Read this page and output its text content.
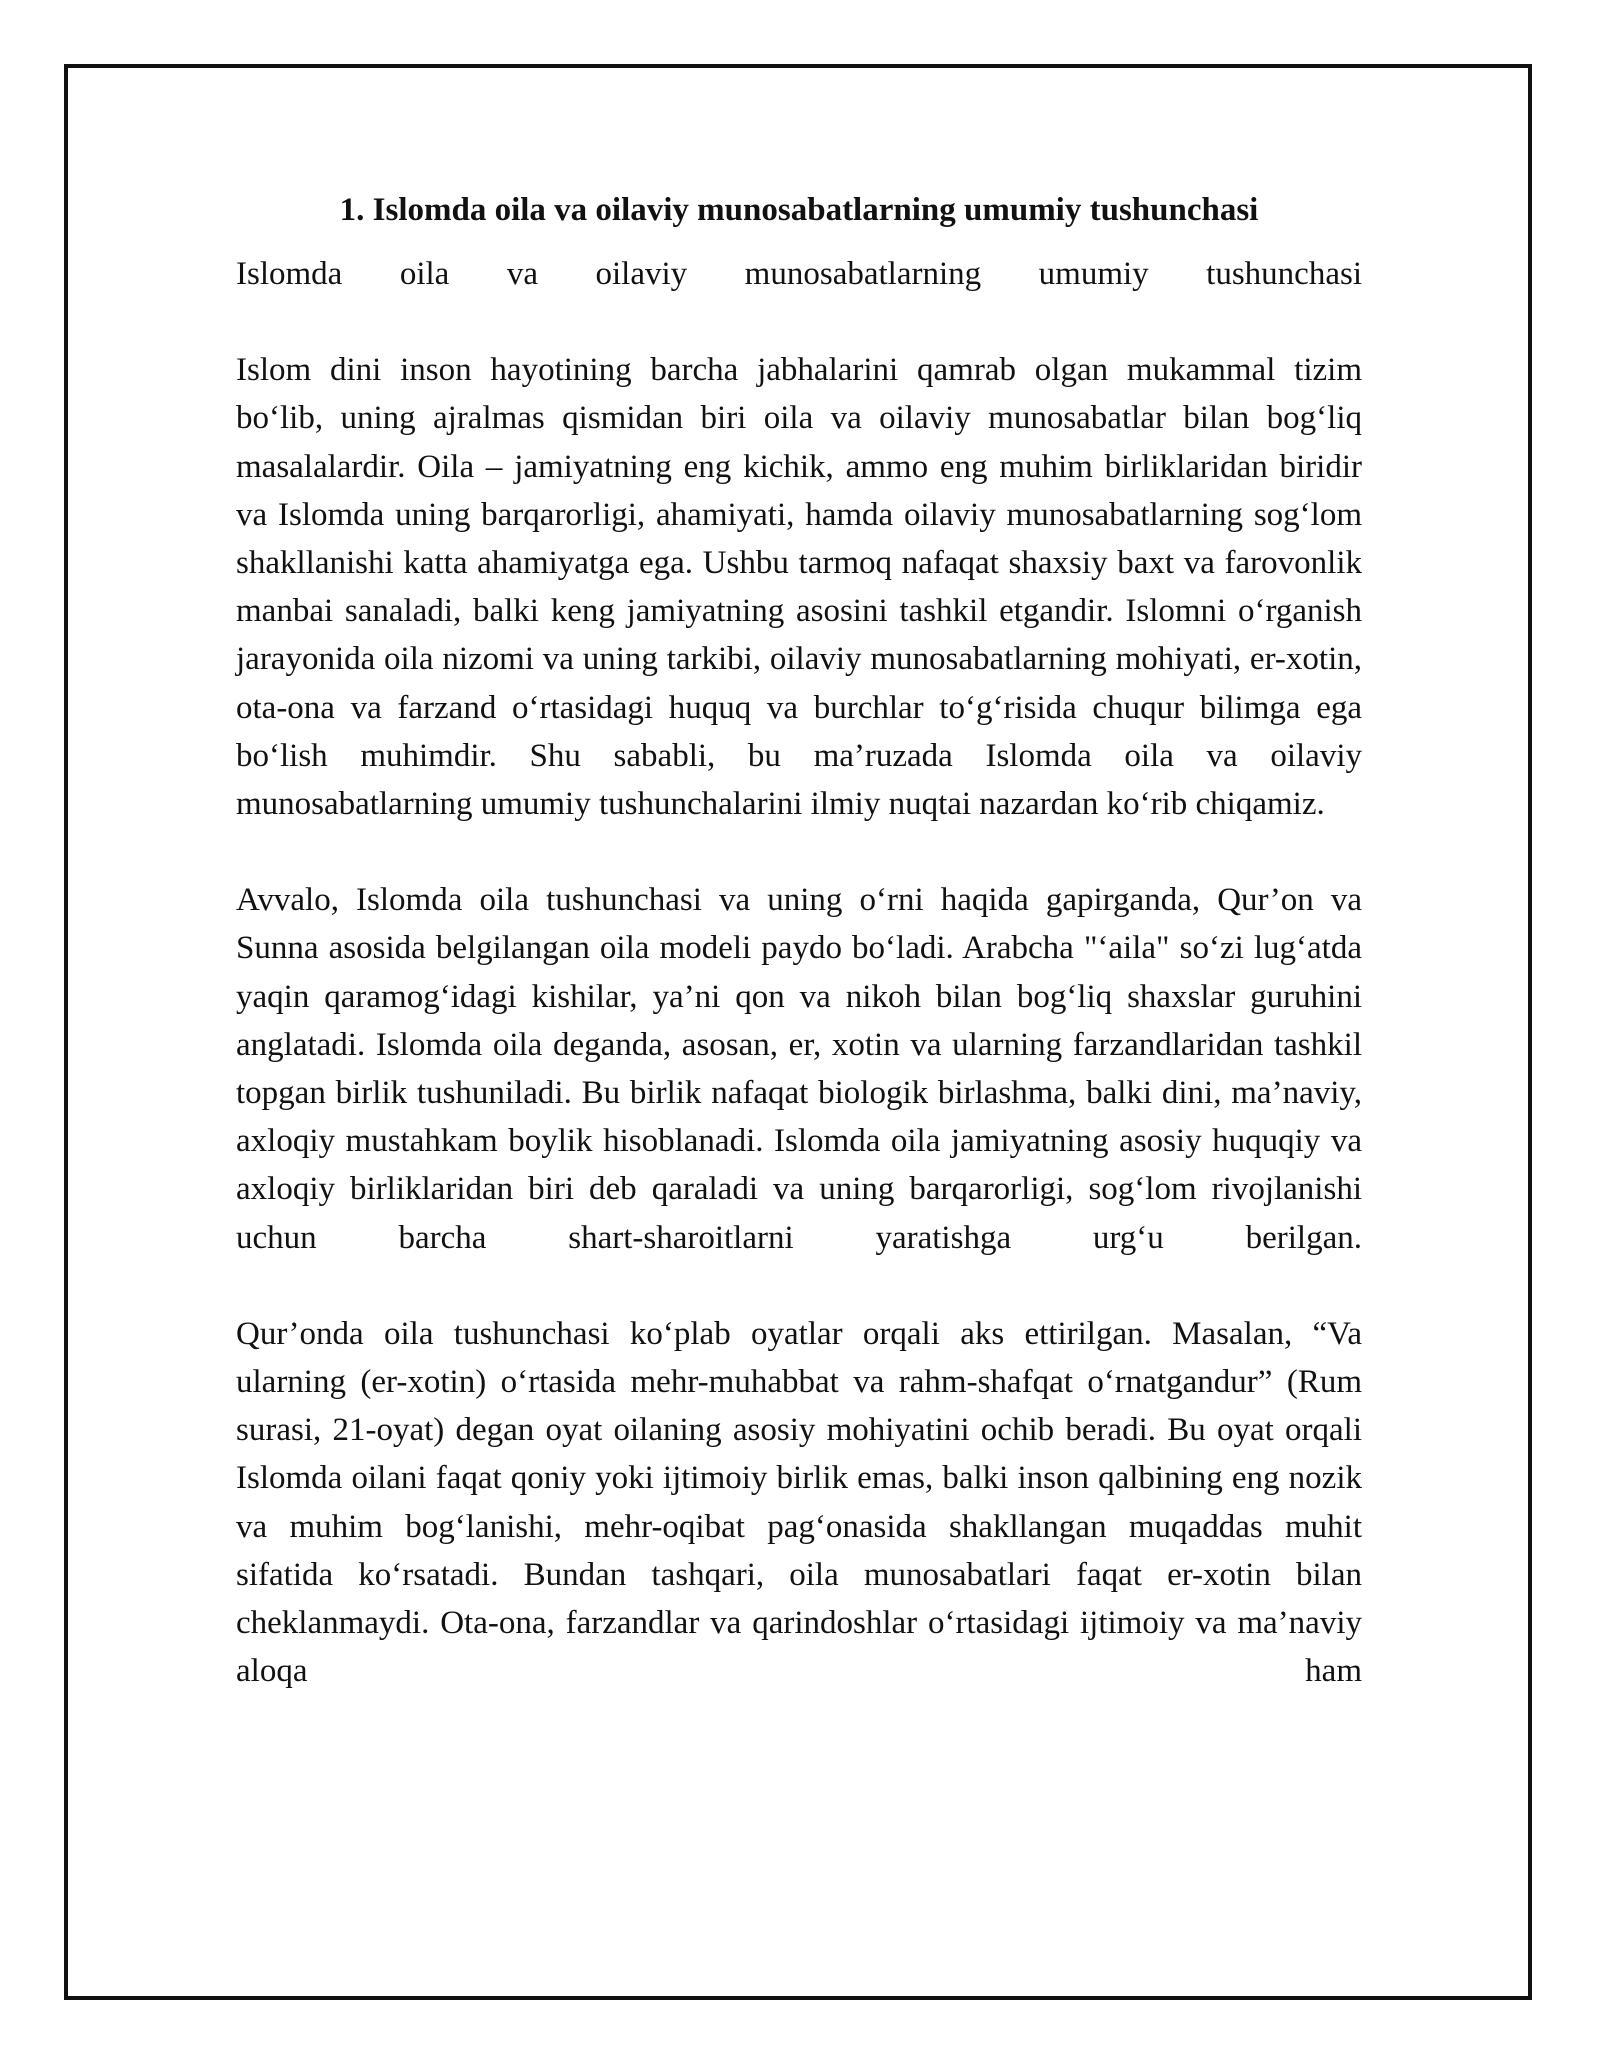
1. Islomda oila va oilaviy munosabatlarning umumiy tushunchasi

Islomda oila va oilaviy munosabatlarning umumiy tushunchasi

Islom dini inson hayotining barcha jabhalarini qamrab olgan mukammal tizim bo‘lib, uning ajralmas qismidan biri oila va oilaviy munosabatlar bilan bog‘liq masalalardir. Oila – jamiyatning eng kichik, ammo eng muhim birliklaridan biridir va Islomda uning barqarorligi, ahamiyati, hamda oilaviy munosabatlarning sog‘lom shakllanishi katta ahamiyatga ega. Ushbu tarmoq nafaqat shaxsiy baxt va farovonlik manbai sanaladi, balki keng jamiyatning asosini tashkil etgandir. Islomni o‘rganish jarayonida oila nizomi va uning tarkibi, oilaviy munosabatlarning mohiyati, er-xotin, ota-ona va farzand o‘rtasidagi huquq va burchlar to‘g‘risida chuqur bilimga ega bo‘lish muhimdir. Shu sababli, bu ma’ruzada Islomda oila va oilaviy munosabatlarning umumiy tushunchalarini ilmiy nuqtai nazardan ko‘rib chiqamiz.

Avvalo, Islomda oila tushunchasi va uning o‘rni haqida gapirganda, Qur’on va Sunna asosida belgilangan oila modeli paydo bo‘ladi. Arabcha "‘aila" so‘zi lug‘atda yaqin qaramog‘idagi kishilar, ya’ni qon va nikoh bilan bog‘liq shaxslar guruhini anglatadi. Islomda oila deganda, asosan, er, xotin va ularning farzandlaridan tashkil topgan birlik tushuniladi. Bu birlik nafaqat biologik birlashma, balki dini, ma’naviy, axloqiy mustahkam boylik hisoblanadi. Islomda oila jamiyatning asosiy huquqiy va axloqiy birliklaridan biri deb qaraladi va uning barqarorligi, sog‘lom rivojlanishi uchun barcha shart-sharoitlarni yaratishga urg‘u berilgan.

Qur’onda oila tushunchasi ko‘plab oyatlar orqali aks ettirilgan. Masalan, “Va ularning (er-xotin) o‘rtasida mehr-muhabbat va rahm-shafqat o‘rnatgandur” (Rum surasi, 21-oyat) degan oyat oilaning asosiy mohiyatini ochib beradi. Bu oyat orqali Islomda oilani faqat qoniy yoki ijtimoiy birlik emas, balki inson qalbining eng nozik va muhim bog‘lanishi, mehr-oqibat pag‘onasida shakllangan muqaddas muhit sifatida ko‘rsatadi. Bundan tashqari, oila munosabatlari faqat er-xotin bilan cheklanmaydi. Ota-ona, farzandlar va qarindoshlar o‘rtasidagi ijtimoiy va ma’naviy aloqa ham
